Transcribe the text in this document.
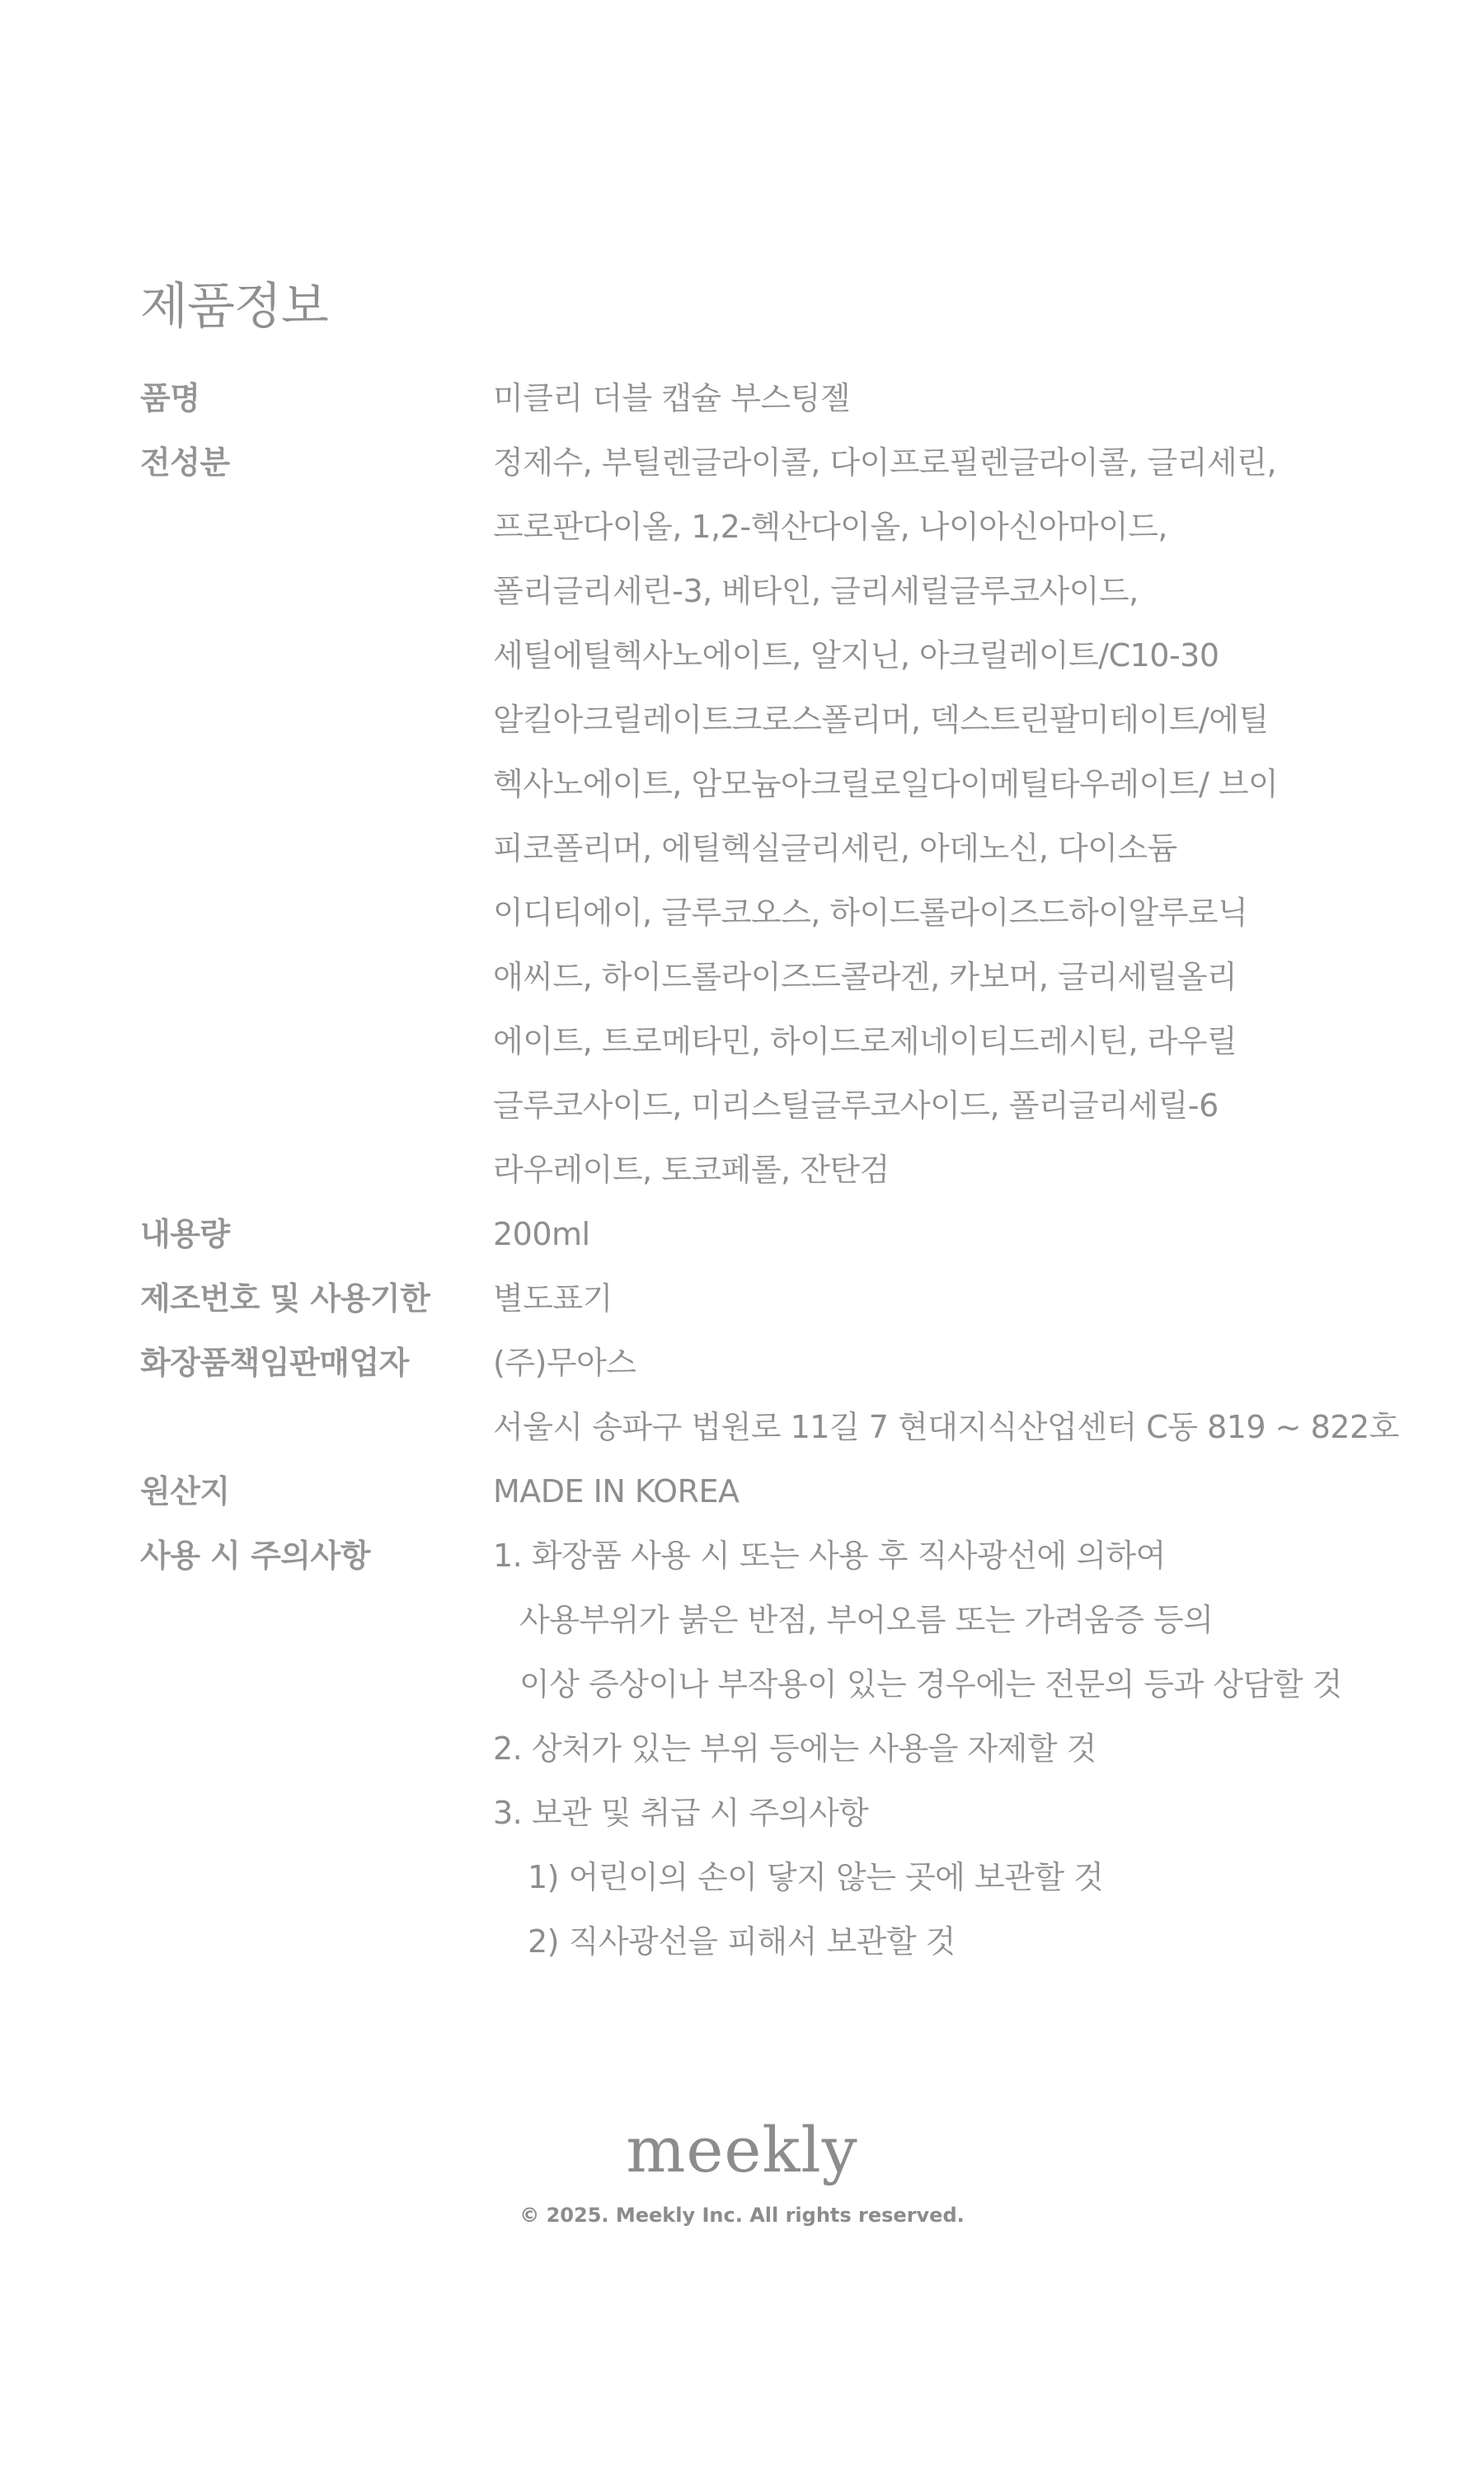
제품정보
품명	미클리 더블 캡슐 부스팅젤
전성분	정제수, 부틸렌글라이콜, 다이프로필렌글라이콜, 글리세린,
프로판다이올, 1,2-헥산다이올, 나이아신아마이드,
폴리글리세린-3, 베타인, 글리세릴글루코사이드,
세틸에틸헥사노에이트, 알지닌, 아크릴레이트/C10-30
알킬아크릴레이트크로스폴리머, 덱스트린팔미테이트/에틸
헥사노에이트, 암모늄아크릴로일다이메틸타우레이트/ 브이
피코폴리머, 에틸헥실글리세린, 아데노신, 다이소듐
이디티에이, 글루코오스, 하이드롤라이즈드하이알루로닉
애씨드, 하이드롤라이즈드콜라겐, 카보머, 글리세릴올리
에이트, 트로메타민, 하이드로제네이티드레시틴, 라우릴
글루코사이드, 미리스틸글루코사이드, 폴리글리세릴-6
라우레이트, 토코페롤, 잔탄검
내용량	200ml
제조번호 및 사용기한	별도표기
화장품책임판매업자	(주)무아스
서울시 송파구 법원로 11길 7 현대지식산업센터 C동 819 ~ 822호
원산지	MADE IN KOREA
사용 시 주의사항	1. 화장품 사용 시 또는 사용 후 직사광선에 의하여
사용부위가 붉은 반점, 부어오름 또는 가려움증 등의
이상 증상이나 부작용이 있는 경우에는 전문의 등과 상담할 것
2. 상처가 있는 부위 등에는 사용을 자제할 것
3. 보관 및 취급 시 주의사항
1) 어린이의 손이 닿지 않는 곳에 보관할 것
2) 직사광선을 피해서 보관할 것
meekly
© 2025. Meekly Inc. All rights reserved.
